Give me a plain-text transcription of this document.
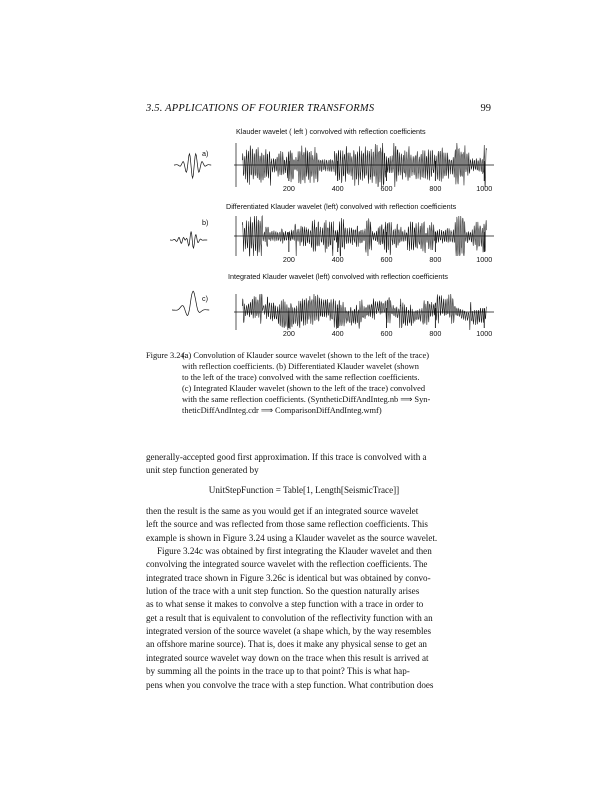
3.5. APPLICATIONS OF FOURIER TRANSFORMS	99
Klauder wavelet ( left ) convolved with reflection coefficients
a)
200	400	600	800	1000
Differentiated Klauder wavelet (left) convolved with reflection coefficients
b)
200	400	600	800	1000
Integrated Klauder wavelet (left) convolved with reflection coefficients
c)
200	400	600	800	1000
Figure 3.24:
(a) Convolution of Klauder source wavelet (shown to the left of the trace)
with reflection coefficients. (b) Differentiated Klauder wavelet (shown
to the left of the trace) convolved with the same reflection coefficients.
(c) Integrated Klauder wavelet (shown to the left of the trace) convolved
with the same reflection coefficients. (SyntheticDiffAndInteg.nb ⟹ Syn-
theticDiffAndInteg.cdr ⟹ ComparisonDiffAndInteg.wmf)
generally-accepted good first approximation. If this trace is convolved with a
unit step function generated by
UnitStepFunction = Table[1, Length[SeismicTrace]]
then the result is the same as you would get if an integrated source wavelet
left the source and was reflected from those same reflection coefficients. This
example is shown in Figure 3.24 using a Klauder wavelet as the source wavelet.
Figure 3.24c was obtained by first integrating the Klauder wavelet and then
convolving the integrated source wavelet with the reflection coefficients. The
integrated trace shown in Figure 3.26c is identical but was obtained by convo-
lution of the trace with a unit step function. So the question naturally arises
as to what sense it makes to convolve a step function with a trace in order to
get a result that is equivalent to convolution of the reflectivity function with an
integrated version of the source wavelet (a shape which, by the way resembles
an offshore marine source). That is, does it make any physical sense to get an
integrated source wavelet way down on the trace when this result is arrived at
by summing all the points in the trace up to that point? This is what hap-
pens when you convolve the trace with a step function. What contribution does
